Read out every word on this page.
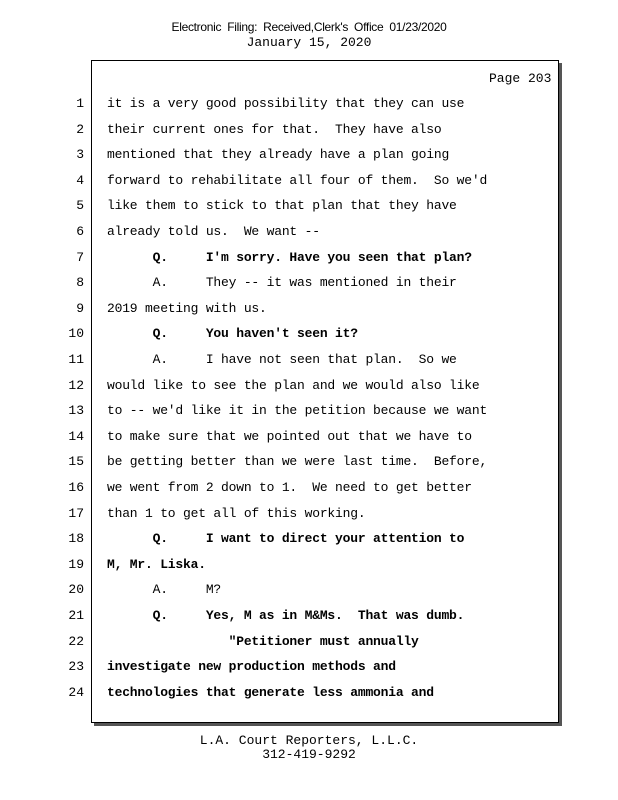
Electronic Filing: Received,Clerk's Office 01/23/2020
January 15, 2020
Page 203
1 it is a very good possibility that they can use
2 their current ones for that.  They have also
3 mentioned that they already have a plan going
4 forward to rehabilitate all four of them.  So we'd
5 like them to stick to that plan that they have
6 already told us.  We want --
7 Q.     I'm sorry. Have you seen that plan?
8 A.     They -- it was mentioned in their
9 2019 meeting with us.
10 Q.     You haven't seen it?
11 A.     I have not seen that plan.  So we
12 would like to see the plan and we would also like
13 to -- we'd like it in the petition because we want
14 to make sure that we pointed out that we have to
15 be getting better than we were last time.  Before,
16 we went from 2 down to 1.  We need to get better
17 than 1 to get all of this working.
18 Q.     I want to direct your attention to
19 M, Mr. Liska.
20 A.     M?
21 Q.     Yes, M as in M&Ms.  That was dumb.
22 "Petitioner must annually
23 investigate new production methods and
24 technologies that generate less ammonia and
L.A. Court Reporters, L.L.C.
312-419-9292
